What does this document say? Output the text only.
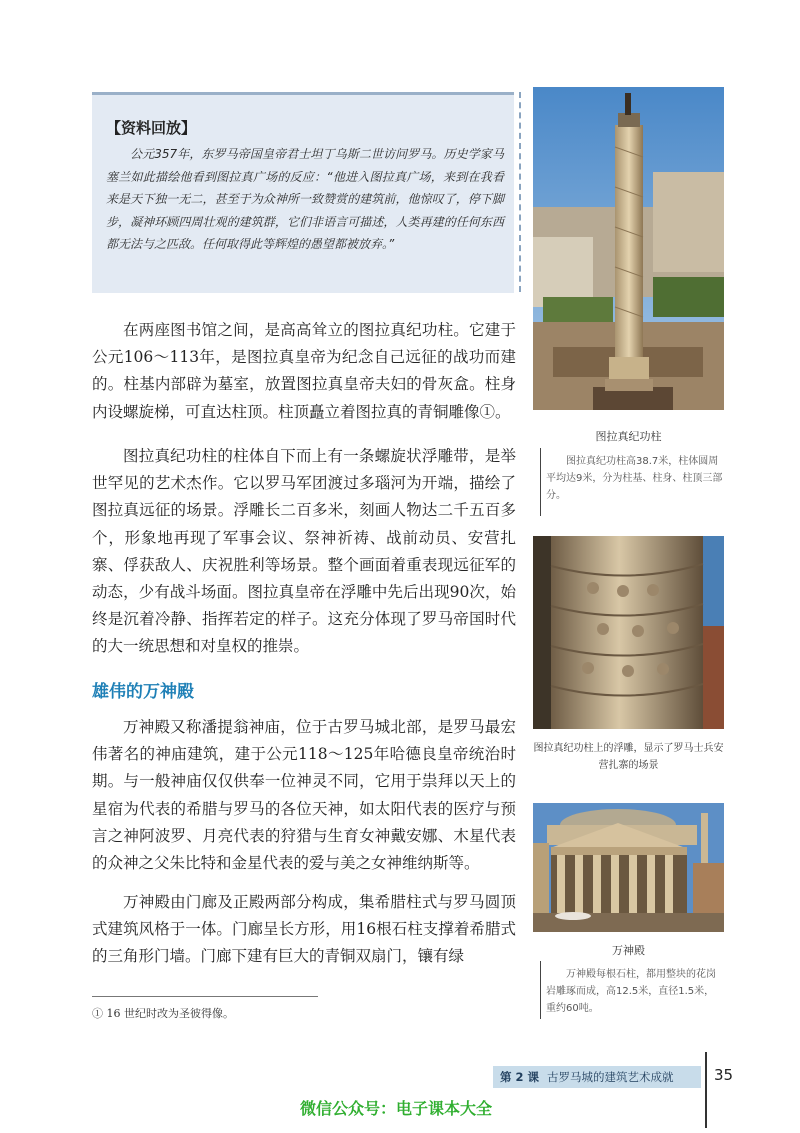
【资料回放】
公元357年，东罗马帝国皇帝君士坦丁乌斯二世访问罗马。历史学家马塞兰如此描绘他看到图拉真广场的反应：“他进入图拉真广场，来到在我看来是天下独一无二，甚至于为众神所一致赞赏的建筑前，他惊叹了，停下脚步，凝神环顾四周壮观的建筑群，它们非语言可描述，人类再建的任何东西都无法与之匹敌。任何取得此等辉煌的愚望都被放弃。”
在两座图书馆之间，是高高耸立的图拉真纪功柱。它建于公元106～113年，是图拉真皇帝为纪念自己远征的战功而建的。柱基内部辟为墓室，放置图拉真皇帝夫妇的骨灰盒。柱身内设螺旋梯，可直达柱顶。柱顶矗立着图拉真的青铜雕像①。
图拉真纪功柱的柱体自下而上有一条螺旋状浮雕带，是举世罕见的艺术杰作。它以罗马军团渡过多瑙河为开端，描绘了图拉真远征的场景。浮雕长二百多米，刻画人物达二千五百多个，形象地再现了军事会议、祭神祈祷、战前动员、安营扎寨、俘获敌人、庆祝胜利等场景。整个画面着重表现远征军的动态，少有战斗场面。图拉真皇帝在浮雕中先后出现90次，始终是沉着冷静、指挥若定的样子。这充分体现了罗马帝国时代的大一统思想和对皇权的推崇。
雄伟的万神殿
万神殿又称潘提翁神庙，位于古罗马城北部，是罗马最宏伟著名的神庙建筑，建于公元118～125年哈德良皇帝统治时期。与一般神庙仅仅供奉一位神灵不同，它用于祟拜以天上的星宿为代表的希腊与罗马的各位天神，如太阳代表的医疗与预言之神阿波罗、月亮代表的狩猎与生育女神戴安娜、木星代表的众神之父朱比特和金星代表的爱与美之女神维纳斯等。
万神殿由门廊及正殿两部分构成，集希腊柱式与罗马圆顶式建筑风格于一体。门廊呈长方形，用16根石柱支撑着希腊式的三角形门墙。门廊下建有巨大的青铜双扇门，镶有绿
① 16 世纪时改为圣彼得像。
图拉真纪功柱
图拉真纪功柱高38.7米，柱体圆周平均达9米，分为柱基、柱身、柱顶三部分。
图拉真纪功柱上的浮雕，显示了罗马士兵安营扎寨的场景
万神殿
万神殿每根石柱，都用整块的花岗岩雕琢而成，高12.5米，直径1.5米，重约60吨。
第 2 课 古罗马城的建筑艺术成就	35
微信公众号：电子课本大全
